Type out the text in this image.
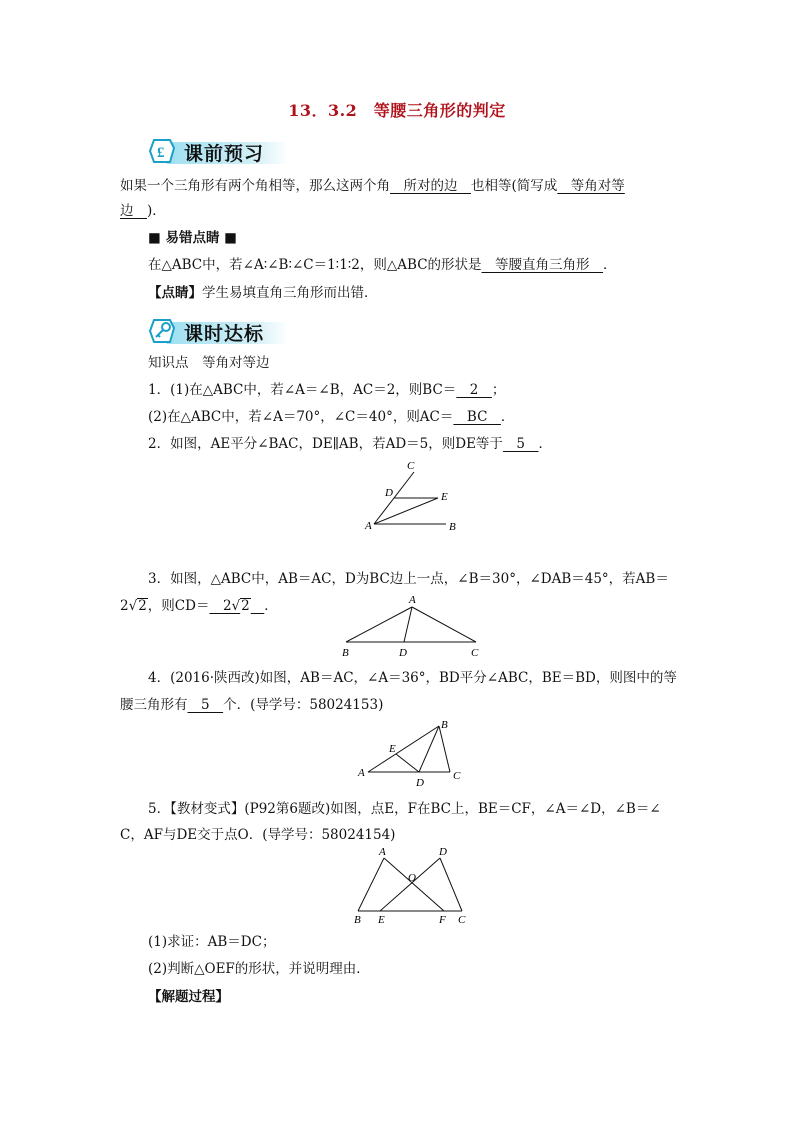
13．3.2　等腰三角形的判定
£ 课前预习
如果一个三角形有两个角相等，那么这两个角　所对的边　也相等(简写成　等角对等
边　)．
■ 易错点睛 ■
在△ABC中，若∠A∶∠B∶∠C＝1∶1∶2，则△ABC的形状是　等腰直角三角形　．
【点睛】学生易填直角三角形而出错．
课时达标
知识点　等角对等边
1．(1)在△ABC中，若∠A＝∠B，AC＝2，则BC＝　2　；
(2)在△ABC中，若∠A＝70°，∠C＝40°，则AC＝　BC　．
2．如图，AE平分∠BAC，DE∥AB，若AD＝5，则DE等于　5　．
A	B
C
D	E
3．如图，△ABC中，AB＝AC，D为BC边上一点，∠B＝30°，∠DAB＝45°，若AB＝
2√2，则CD＝　2√2　 ．	A
B	C
D
4．(2016·陕西改)如图，AB＝AC，∠A＝36°，BD平分∠ABC，BE＝BD，则图中的等
腰三角形有　5　个．(导学号：58024153)
A
B
C
D
E
5．【教材变式】(P92第6题改)如图，点E，F在BC上，BE＝CF，∠A＝∠D，∠B＝∠
C，AF与DE交于点O．(导学号：58024154)
A
B	C
D
E	F
O
(1)求证：AB＝DC；
(2)判断△OEF的形状，并说明理由．
【解题过程】
